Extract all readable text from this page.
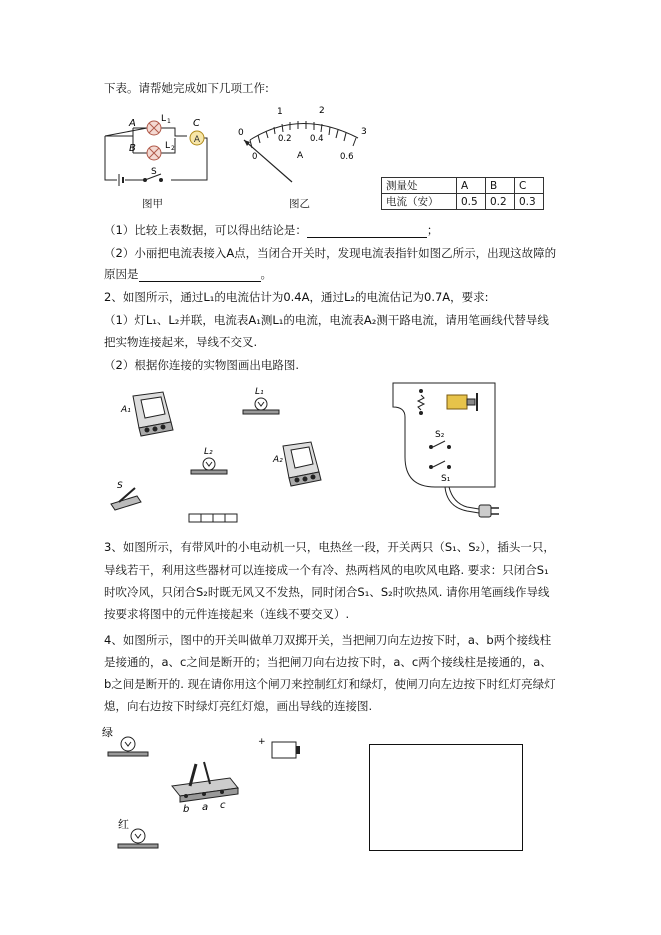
下表。请帮她完成如下几项工作:
A
A
B
C
L 1
L 2
S
图甲
0
1	2
3
0
0.2 0.4
0.6
A
图乙
测量处	A	B	C
电流（安）	0.5	0.2	0.3
（1）比较上表数据，可以得出结论是：	；
（2）小丽把电流表接入A点，当闭合开关时，发现电流表指针如图乙所示，出现这故障的
原因是	。
2、如图所示，通过L₁的电流估计为0.4A，通过L₂的电流估记为0.7A，要求:
（1）灯L₁、L₂并联，电流表A₁测L₁的电流，电流表A₂测干路电流，请用笔画线代替导线
把实物连接起来，导线不交叉.
（2）根据你连接的实物图画出电路图.
A₁
L₁
L₂
A₂
S
S₂
S₁
3、如图所示，有带风叶的小电动机一只，电热丝一段，开关两只（S₁、S₂），插头一只，
导线若干，利用这些器材可以连接成一个有冷、热两档风的电吹风电路. 要求：只闭合S₁
时吹冷风，只闭合S₂时既无风又不发热，同时闭合S₁、S₂时吹热风. 请你用笔画线作导线
按要求将图中的元件连接起来（连线不要交叉）.
4、如图所示，图中的开关叫做单刀双掷开关，当把闸刀向左边按下时，a、b两个接线柱
是接通的，a、c之间是断开的；当把闸刀向右边按下时，a、c两个接线柱是接通的，a、
b之间是断开的. 现在请你用这个闸刀来控制红灯和绿灯，使闸刀向左边按下时红灯亮绿灯
熄，向右边按下时绿灯亮红灯熄，画出导线的连接图.
绿
+
b a c
红
